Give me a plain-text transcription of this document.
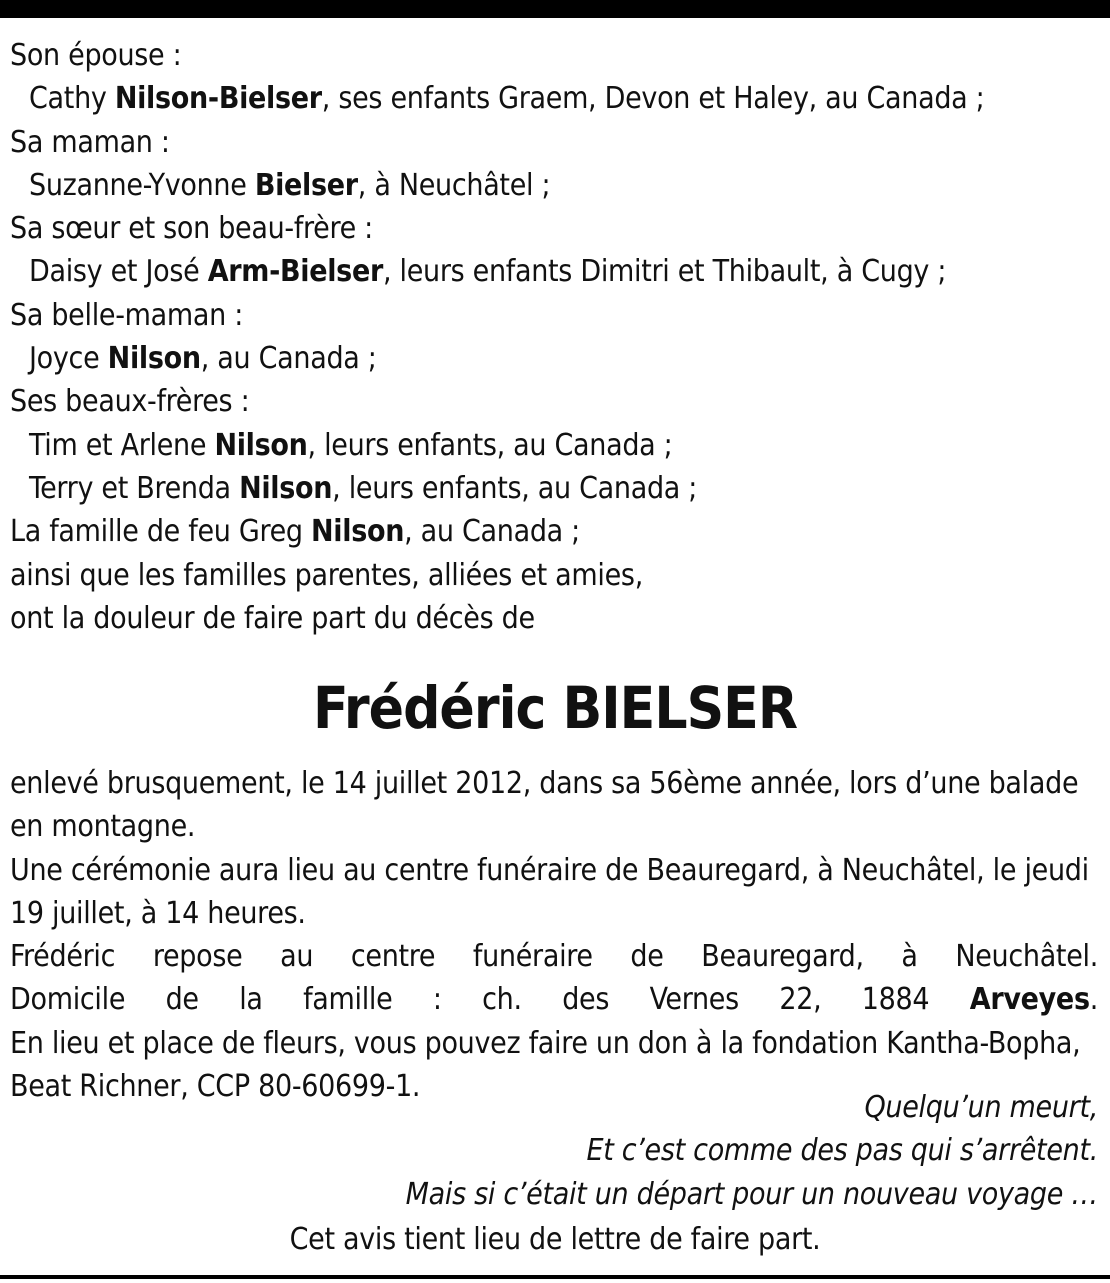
Son épouse :
Cathy Nilson-Bielser, ses enfants Graem, Devon et Haley, au Canada ;
Sa maman :
Suzanne-Yvonne Bielser, à Neuchâtel ;
Sa sœur et son beau-frère :
Daisy et José Arm-Bielser, leurs enfants Dimitri et Thibault, à Cugy ;
Sa belle-maman :
Joyce Nilson, au Canada ;
Ses beaux-frères :
Tim et Arlene Nilson, leurs enfants, au Canada ;
Terry et Brenda Nilson, leurs enfants, au Canada ;
La famille de feu Greg Nilson, au Canada ;
ainsi que les familles parentes, alliées et amies,
ont la douleur de faire part du décès de
Frédéric BIELSER

enlevé brusquement, le 14 juillet 2012, dans sa 56ème année, lors d’une balade en montagne.

Une cérémonie aura lieu au centre funéraire de Beauregard, à Neuchâtel, le jeudi 19 juillet, à 14 heures.

Frédéric repose au centre funéraire de Beauregard, à Neuchâtel.

Domicile de la famille : ch. des Vernes 22, 1884 Arveyes.

En lieu et place de fleurs, vous pouvez faire un don à la fondation Kantha-Bopha, Beat Richner, CCP 80-60699-1.

Quelqu’un meurt,
Et c’est comme des pas qui s’arrêtent.
Mais si c’était un départ pour un nouveau voyage …
Cet avis tient lieu de lettre de faire part.
